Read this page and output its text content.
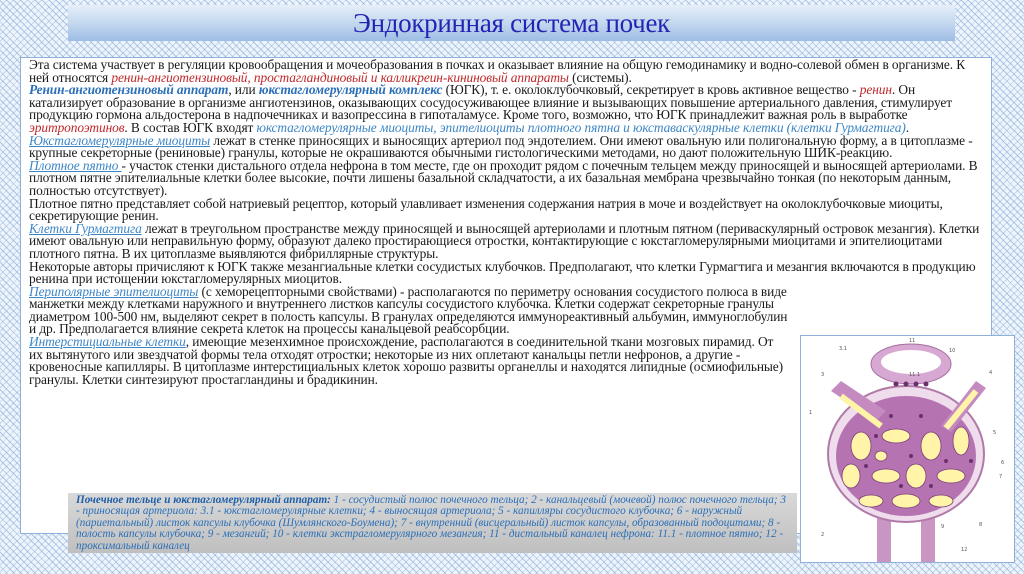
Эндокринная система почек

Эта система участвует в регуляции кровообращения и мочеобразования в почках и оказывает влияние на общую гемодинамику и водно-солевой обмен в организме. К ней относятся ренин-ангиотензиновый, простагландиновый и калликреин-кининовый аппараты (системы).

Ренин-ангиотензиновый аппарат, или юкстагломерулярный комплекс (ЮГК), т. е. околоклубочковый, секретирует в кровь активное вещество - ренин. Он катализирует образование в организме ангиотензинов, оказывающих сосудосуживающее влияние и вызывающих повышение артериального давления, стимулирует продукцию гормона альдостерона в надпочечниках и вазопрессина в гипоталамусе. Кроме того, возможно, что ЮГК принадлежит важная роль в выработке эритропоэтинов. В состав ЮГК входят юкстагломерулярные миоциты, эпителиоциты плотного пятна и юкставаскулярные клетки (клетки Гурмагтига).

Юкстагломерулярные миоциты лежат в стенке приносящих и выносящих артериол под эндотелием. Они имеют овальную или полигональную форму, а в цитоплазме - крупные секреторные (рениновые) гранулы, которые не окрашиваются обычными гистологическими методами, но дают положительную ШИК-реакцию.

Плотное пятно - участок стенки дистального отдела нефрона в том месте, где он проходит рядом с почечным тельцем между приносящей и выносящей артериолами. В плотном пятне эпителиальные клетки более высокие, почти лишены базальной складчатости, а их базальная мембрана чрезвычайно тонкая (по некоторым данным, полностью отсутствует).

Плотное пятно представляет собой натриевый рецептор, который улавливает изменения содержания натрия в моче и воздействует на околоклубочковые миоциты, секретирующие ренин.

Клетки Гурмагтига лежат в треугольном пространстве между приносящей и выносящей артериолами и плотным пятном (периваскулярный островок мезангия). Клетки имеют овальную или неправильную форму, образуют далеко простирающиеся отростки, контактирующие с юкстагломерулярными миоцитами и эпителиоцитами плотного пятна. В их цитоплазме выявляются фибриллярные структуры.

Некоторые авторы причисляют к ЮГК также мезангиальные клетки сосудистых клубочков. Предполагают, что клетки Гурмагтига и мезангия включаются в продукцию ренина при истощении юкстагломерулярных миоцитов.

Периполярные эпителиоциты (с хеморецепторными свойствами) - располагаются по периметру основания сосудистого полюса в виде манжетки между клетками наружного и внутреннего листков капсулы сосудистого клубочка. Клетки содержат секреторные гранулы диаметром 100-500 нм, выделяют секрет в полость капсулы. В гранулах определяются иммунореактивный альбумин, иммуноглобулин и др. Предполагается влияние секрета клеток на процессы канальцевой реабсорбции.

Интерстициальные клетки, имеющие мезенхимное происхождение, располагаются в соединительной ткани мозговых пирамид. От их вытянутого или звездчатой формы тела отходят отростки; некоторые из них оплетают канальцы петли нефронов, а другие - кровеносные капилляры. В цитоплазме интерстициальных клеток хорошо развиты органеллы и находятся липидные (осмиофильные) гранулы. Клетки синтезируют простагландины и брадикинин.

11
3.1
11.1
10
3	4
1
5
6
7
9	8
2
12
Почечное тельце и юкстагломерулярный аппарат: 1 - сосудистый полюс почечного тельца; 2 - канальцевый (мочевой) полюс почечного тельца; 3 - приносящая артериола: 3.1 - юкстагломерулярные клетки; 4 - выносящая артериола; 5 - капилляры сосудистого клубочка; 6 - наружный (париетальный) листок капсулы клубочка (Шумлянского-Боумена); 7 - внутренний (висцеральный) листок капсулы, образованный подоцитами; 8 - полость капсулы клубочка; 9 - мезангий; 10 - клетки экстрагломерулярного мезангия; 11 - дистальный каналец нефрона: 11.1 - плотное пятно; 12 - проксимальный каналец
